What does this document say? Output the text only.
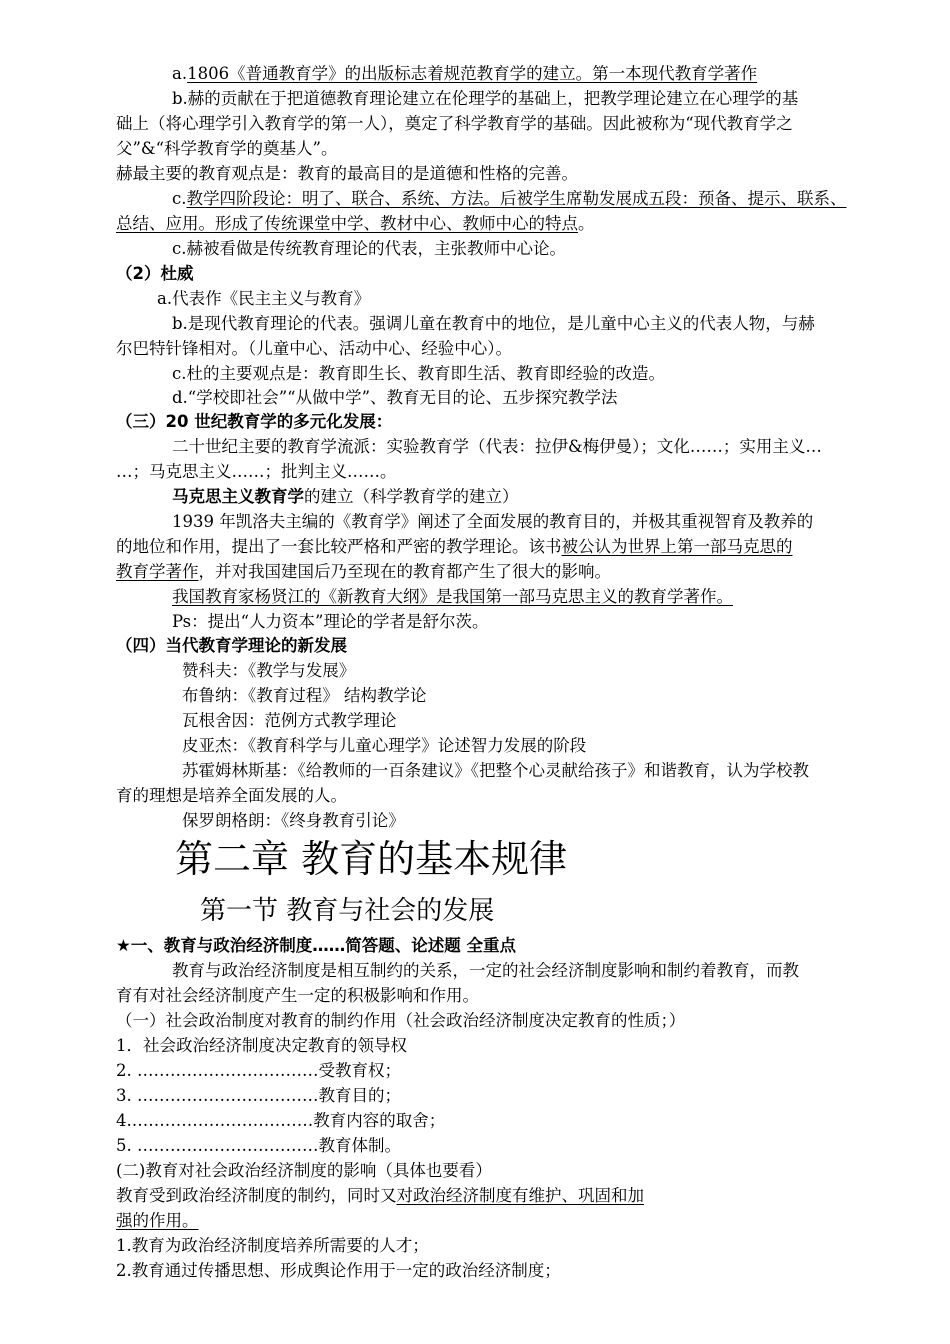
a.1806《普通教育学》的出版标志着规范教育学的建立。第一本现代教育学著作
b.赫的贡献在于把道德教育理论建立在伦理学的基础上，把教学理论建立在心理学的基
础上（将心理学引入教育学的第一人），奠定了科学教育学的基础。因此被称为“现代教育学之
父”&“科学教育学的奠基人”。
赫最主要的教育观点是：教育的最高目的是道德和性格的完善。
c.教学四阶段论：明了、联合、系统、方法。后被学生席勒发展成五段：预备、提示、联系、
总结、应用。形成了传统课堂中学、教材中心、教师中心的特点。
c.赫被看做是传统教育理论的代表，主张教师中心论。
（2）杜威
a.代表作《民主主义与教育》
b.是现代教育理论的代表。强调儿童在教育中的地位，是儿童中心主义的代表人物，与赫
尔巴特针锋相对。（儿童中心、活动中心、经验中心）。
c.杜的主要观点是：教育即生长、教育即生活、教育即经验的改造。
d.“学校即社会”“从做中学”、教育无目的论、五步探究教学法
（三）20 世纪教育学的多元化发展：
二十世纪主要的教育学流派：实验教育学（代表：拉伊&梅伊曼）；文化……；实用主义…
…；马克思主义……；批判主义……。
马克思主义教育学的建立（科学教育学的建立）
1939 年凯洛夫主编的《教育学》阐述了全面发展的教育目的，并极其重视智育及教养的
的地位和作用，提出了一套比较严格和严密的教学理论。该书被公认为世界上第一部马克思的
教育学著作，并对我国建国后乃至现在的教育都产生了很大的影响。
我国教育家杨贤江的《新教育大纲》是我国第一部马克思主义的教育学著作。
Ps：提出“人力资本”理论的学者是舒尔茨。
（四）当代教育学理论的新发展
赞科夫：《教学与发展》
布鲁纳：《教育过程》 结构教学论
瓦根舍因：范例方式教学理论
皮亚杰：《教育科学与儿童心理学》论述智力发展的阶段
苏霍姆林斯基：《给教师的一百条建议》《把整个心灵献给孩子》和谐教育，认为学校教
育的理想是培养全面发展的人。
保罗朗格朗：《终身教育引论》
第二章 教育的基本规律
第一节 教育与社会的发展
★一、教育与政治经济制度……简答题、论述题 全重点
教育与政治经济制度是相互制约的关系，一定的社会经济制度影响和制约着教育，而教
育有对社会经济制度产生一定的积极影响和作用。
（一）社会政治制度对教育的制约作用（社会政治经济制度决定教育的性质；）
1．社会政治经济制度决定教育的领导权
2. ……………………………受教育权；
3. ……………………………教育目的；
4.……………………………教育内容的取舍；
5. ……………………………教育体制。
(二)教育对社会政治经济制度的影响（具体也要看）
教育受到政治经济制度的制约，同时又对政治经济制度有维护、巩固和加
强的作用。
1.教育为政治经济制度培养所需要的人才；
2.教育通过传播思想、形成舆论作用于一定的政治经济制度；
